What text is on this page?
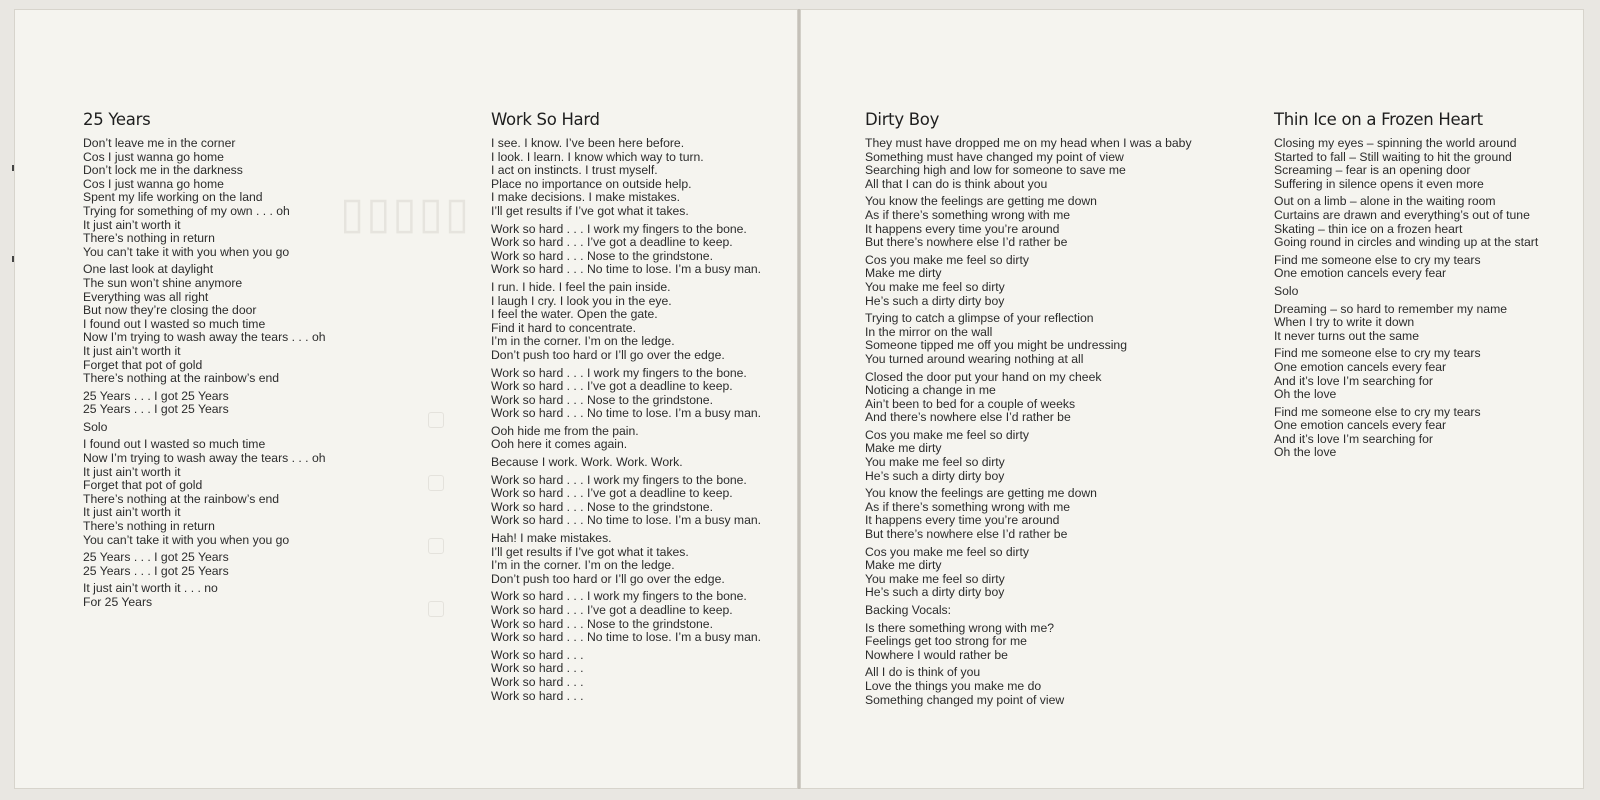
▯▯▯▯▯
25 Years
Don’t leave me in the corner
Cos I just wanna go home
Don’t lock me in the darkness
Cos I just wanna go home
Spent my life working on the land
Trying for something of my own . . . oh
It just ain’t worth it
There’s nothing in return
You can’t take it with you when you go
One last look at daylight
The sun won’t shine anymore
Everything was all right
But now they’re closing the door
I found out I wasted so much time
Now I’m trying to wash away the tears . . . oh
It just ain’t worth it
Forget that pot of gold
There’s nothing at the rainbow’s end
25 Years . . . I got 25 Years
25 Years . . . I got 25 Years
Solo
I found out I wasted so much time
Now I’m trying to wash away the tears . . . oh
It just ain’t worth it
Forget that pot of gold
There’s nothing at the rainbow’s end
It just ain’t worth it
There’s nothing in return
You can’t take it with you when you go
25 Years . . . I got 25 Years
25 Years . . . I got 25 Years
It just ain’t worth it . . . no
For 25 Years
Work So Hard
I see. I know. I’ve been here before.
I look. I learn. I know which way to turn.
I act on instincts. I trust myself.
Place no importance on outside help.
I make decisions. I make mistakes.
I’ll get results if I’ve got what it takes.
Work so hard . . . I work my fingers to the bone.
Work so hard . . . I’ve got a deadline to keep.
Work so hard . . . Nose to the grindstone.
Work so hard . . . No time to lose. I’m a busy man.
I run. I hide. I feel the pain inside.
I laugh I cry. I look you in the eye.
I feel the water. Open the gate.
Find it hard to concentrate.
I’m in the corner. I’m on the ledge.
Don’t push too hard or I’ll go over the edge.
Work so hard . . . I work my fingers to the bone.
Work so hard . . . I’ve got a deadline to keep.
Work so hard . . . Nose to the grindstone.
Work so hard . . . No time to lose. I’m a busy man.
Ooh hide me from the pain.
Ooh here it comes again.
Because I work. Work. Work. Work.
Work so hard . . . I work my fingers to the bone.
Work so hard . . . I’ve got a deadline to keep.
Work so hard . . . Nose to the grindstone.
Work so hard . . . No time to lose. I’m a busy man.
Hah! I make mistakes.
I’ll get results if I’ve got what it takes.
I’m in the corner. I’m on the ledge.
Don’t push too hard or I’ll go over the edge.
Work so hard . . . I work my fingers to the bone.
Work so hard . . . I’ve got a deadline to keep.
Work so hard . . . Nose to the grindstone.
Work so hard . . . No time to lose. I’m a busy man.
Work so hard . . .
Work so hard . . .
Work so hard . . .
Work so hard . . .
Dirty Boy
They must have dropped me on my head when I was a baby
Something must have changed my point of view
Searching high and low for someone to save me
All that I can do is think about you
You know the feelings are getting me down
As if there’s something wrong with me
It happens every time you’re around
But there’s nowhere else I’d rather be
Cos you make me feel so dirty
Make me dirty
You make me feel so dirty
He’s such a dirty dirty boy
Trying to catch a glimpse of your reflection
In the mirror on the wall
Someone tipped me off you might be undressing
You turned around wearing nothing at all
Closed the door put your hand on my cheek
Noticing a change in me
Ain’t been to bed for a couple of weeks
And there’s nowhere else I’d rather be
Cos you make me feel so dirty
Make me dirty
You make me feel so dirty
He’s such a dirty dirty boy
You know the feelings are getting me down
As if there’s something wrong with me
It happens every time you’re around
But there’s nowhere else I’d rather be
Cos you make me feel so dirty
Make me dirty
You make me feel so dirty
He’s such a dirty dirty boy
Backing Vocals:
Is there something wrong with me?
Feelings get too strong for me
Nowhere I would rather be
All I do is think of you
Love the things you make me do
Something changed my point of view
Thin Ice on a Frozen Heart
Closing my eyes – spinning the world around
Started to fall – Still waiting to hit the ground
Screaming – fear is an opening door
Suffering in silence opens it even more
Out on a limb – alone in the waiting room
Curtains are drawn and everything’s out of tune
Skating – thin ice on a frozen heart
Going round in circles and winding up at the start
Find me someone else to cry my tears
One emotion cancels every fear
Solo
Dreaming – so hard to remember my name
When I try to write it down
It never turns out the same
Find me someone else to cry my tears
One emotion cancels every fear
And it’s love I’m searching for
Oh the love
Find me someone else to cry my tears
One emotion cancels every fear
And it’s love I’m searching for
Oh the love
